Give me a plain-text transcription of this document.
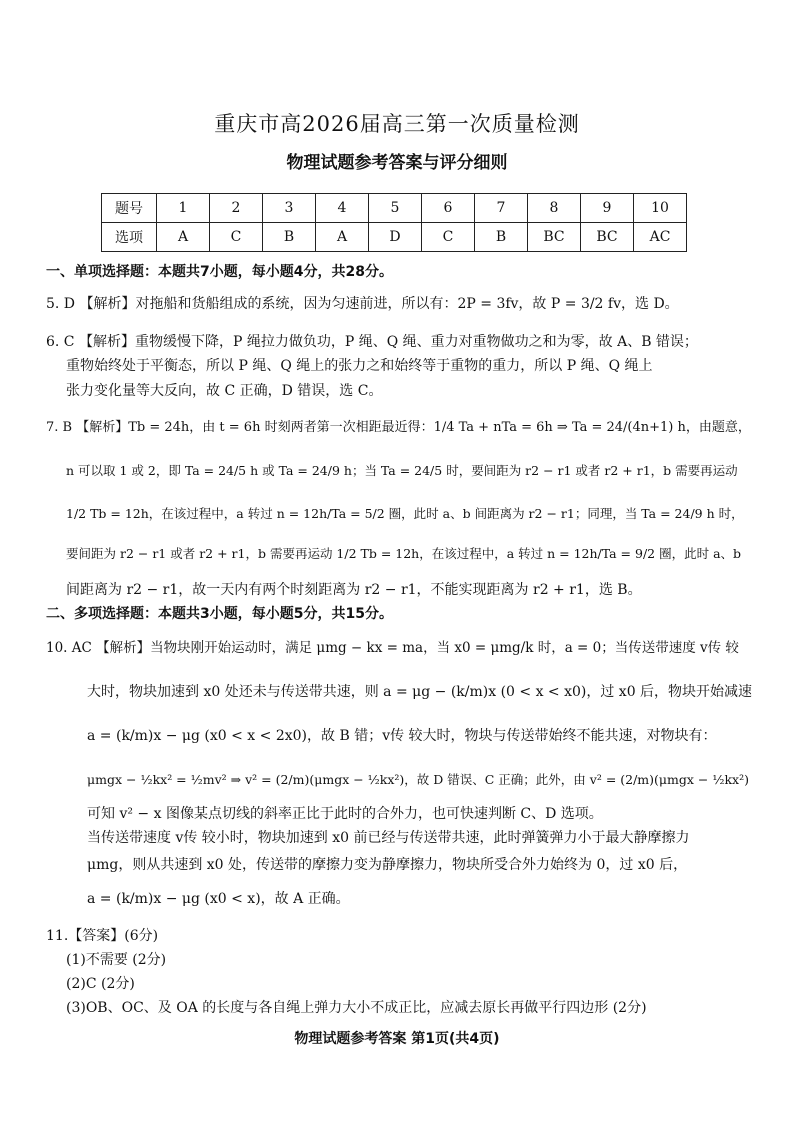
重庆市高2026届高三第一次质量检测
物理试题参考答案与评分细则
题号	1	2	3	4	5	6	7	8	9	10
选项	A	C	B	A	D	C	B	BC	BC	AC
一、单项选择题：本题共7小题，每小题4分，共28分。
5. D 【解析】对拖船和货船组成的系统，因为匀速前进，所以有：2P = 3fv，故 P = 3/2 fv，选 D。
6. C 【解析】重物缓慢下降，P 绳拉力做负功，P 绳、Q 绳、重力对重物做功之和为零，故 A、B 错误；
重物始终处于平衡态，所以 P 绳、Q 绳上的张力之和始终等于重物的重力，所以 P 绳、Q 绳上
张力变化量等大反向，故 C 正确，D 错误，选 C。
7. B 【解析】Tb = 24h，由 t = 6h 时刻两者第一次相距最近得：1/4 Ta + nTa = 6h ⇒ Ta = 24/(4n+1) h，由题意，
n 可以取 1 或 2，即 Ta = 24/5 h 或 Ta = 24/9 h；当 Ta = 24/5 时，要间距为 r2 − r1 或者 r2 + r1，b 需要再运动
1/2 Tb = 12h，在该过程中，a 转过 n = 12h/Ta = 5/2 圈，此时 a、b 间距离为 r2 − r1；同理，当 Ta = 24/9 h 时，
要间距为 r2 − r1 或者 r2 + r1，b 需要再运动 1/2 Tb = 12h，在该过程中，a 转过 n = 12h/Ta = 9/2 圈，此时 a、b
间距离为 r2 − r1，故一天内有两个时刻距离为 r2 − r1，不能实现距离为 r2 + r1，选 B。
二、多项选择题：本题共3小题，每小题5分，共15分。
10. AC 【解析】当物块刚开始运动时，满足 μmg − kx = ma，当 x0 = μmg/k 时，a = 0；当传送带速度 v传 较
大时，物块加速到 x0 处还未与传送带共速，则 a = μg − (k/m)x (0 < x < x0)，过 x0 后，物块开始减速
a = (k/m)x − μg (x0 < x < 2x0)，故 B 错；v传 较大时，物块与传送带始终不能共速，对物块有：
μmgx − ½kx² = ½mv² ⇒ v² = (2/m)(μmgx − ½kx²)，故 D 错误、C 正确；此外，由 v² = (2/m)(μmgx − ½kx²)
可知 v² − x 图像某点切线的斜率正比于此时的合外力，也可快速判断 C、D 选项。
当传送带速度 v传 较小时，物块加速到 x0 前已经与传送带共速，此时弹簧弹力小于最大静摩擦力
μmg，则从共速到 x0 处，传送带的摩擦力变为静摩擦力，物块所受合外力始终为 0，过 x0 后，
a = (k/m)x − μg (x0 < x)，故 A 正确。
11.【答案】(6分)
(1)不需要 (2分)
(2)C (2分)
(3)OB、OC、及 OA 的长度与各自绳上弹力大小不成正比，应减去原长再做平行四边形 (2分)
物理试题参考答案 第1页(共4页)
